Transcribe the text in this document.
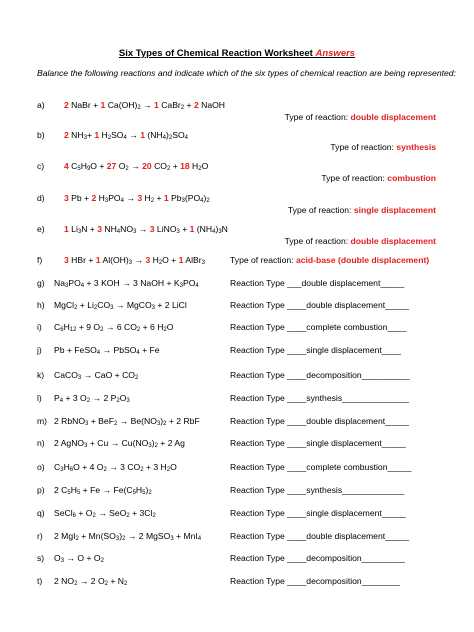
Six Types of Chemical Reaction Worksheet Answers
Balance the following reactions and indicate which of the six types of chemical reaction are being represented:
a) 2 NaBr + 1 $Ca(OH)_2 \to 1$ CaBr$_2$ + 2 NaOH
Type of reaction: double displacement
b) 2 $NH_3+ 1$ $H_2SO_4 \to 1$ $(NH_4)_2SO_4$
Type of reaction: synthesis
c) 4 $C_5H_9O + 27$ $O_2 \to 20$ $CO_2 + 18$ $H_2O$
Type of reaction: combustion
d) 3 Pb + 2 $H_3PO_4 \to 3$ $H_2 + 1$ $Pb_3(PO_4)_2$
Type of reaction: single displacement
e) 1 $Li_3N + 3$ $NH_4NO_3 \to 3$ LiNO$_3$ + 1 $(NH_4)_3N$
Type of reaction: double displacement
f)	3 HBr + 1 $Al(OH)_3 \to 3$ $H_2O + 1$ AlBr$_3$	Type of reaction: acid-base (double displacement)
g) $Na_3PO_4 + 3$ KOH → 3 NaOH + $K_3PO_4$	Reaction Type ___double displacement_____
h) MgCl$_2$ + $Li_2CO_3$ → MgCO$_3$ + 2 LiCl	Reaction Type ____double displacement_____
i) $C_6H_{12} + 9$ $O_2 \to 6$ $CO_2 + 6$ $H_2O$	Reaction Type ____complete combustion____
j) Pb + FeSO$_4$ → PbSO$_4$ + Fe	Reaction Type ____single displacement____
k) CaCO$_3$ → CaO + $CO_2$	Reaction Type ____decomposition__________
l) $P_4 + 3$ $O_2 \to 2$ $P_2O_3$	Reaction Type ____synthesis______________
m) 2 RbNO$_3$ + $BeF_2 \to Be(NO_3)_2 + 2$ RbF	Reaction Type ____double displacement_____
n) 2 AgNO$_3$ + $Cu \to Cu(NO_3)_2 + 2$ Ag	Reaction Type ____single displacement_____
o) $C_3H_6O + 4$ $O_2 \to 3$ $CO_2 + 3$ $H_2O$	Reaction Type ____complete combustion_____
p) 2 $C_5H_5 + Fe \to Fe(C_5H_5)_2$	Reaction Type ____synthesis_____________
q) SeCl$_6$ + $O_2 \to SeO_2 + 3Cl_2$	Reaction Type ____single displacement_____
r) 2 $MgI_2 + Mn(SO_3)_2 \to 2$ MgSO$_3$ + MnI$_4$	Reaction Type ____double displacement_____
s) $O_3 \to O + O_2$	Reaction Type ____decomposition_________
t) 2 $NO_2 \to 2$ $O_2 + N_2$	Reaction Type ____decomposition________
